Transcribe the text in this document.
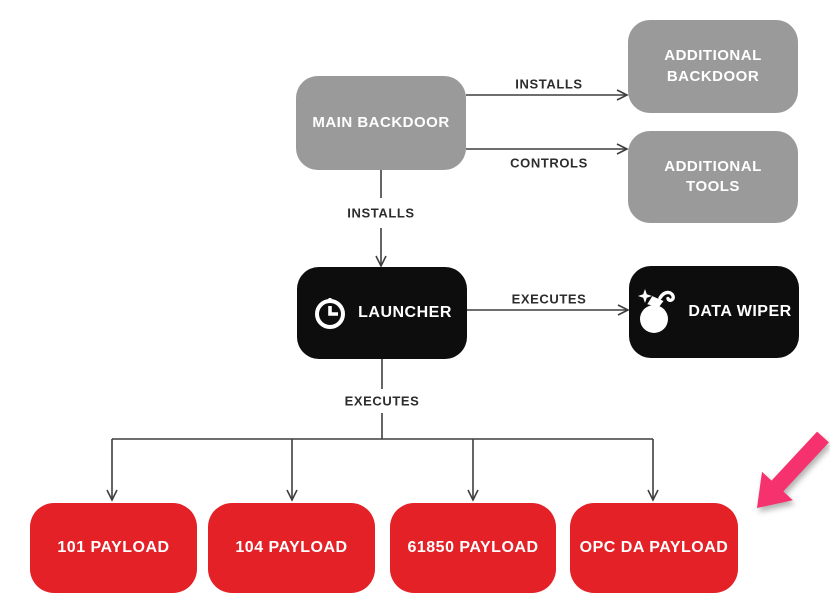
MAIN BACKDOOR
ADDITIONAL BACKDOOR
ADDITIONAL TOOLS
LAUNCHER	DATA WIPER
101 PAYLOAD	104 PAYLOAD	61850 PAYLOAD	OPC DA PAYLOAD
INSTALLS
CONTROLS
INSTALLS
EXECUTES
EXECUTES
